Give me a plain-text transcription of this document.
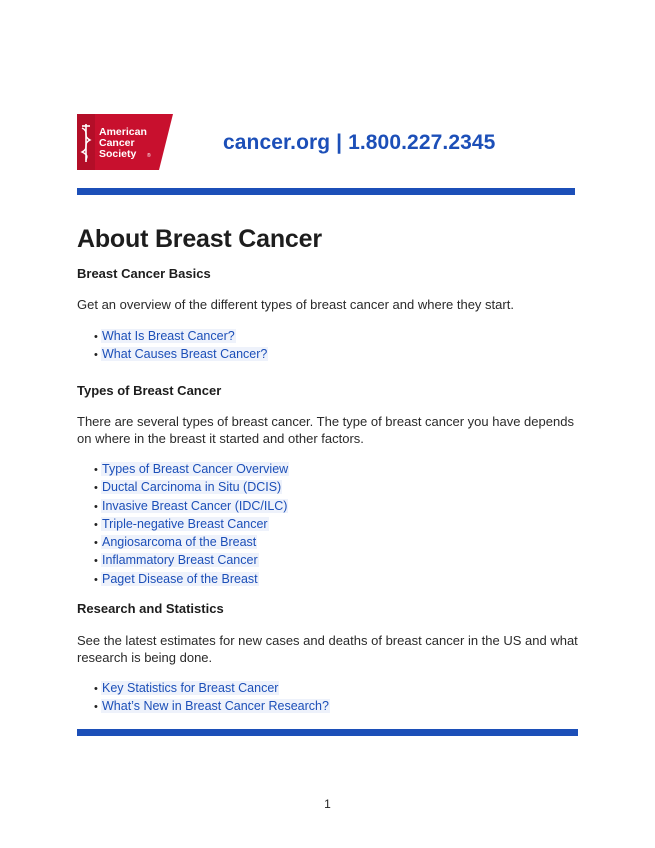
American
Cancer
Society ®
cancer.org | 1.800.227.2345
About Breast Cancer
Breast Cancer Basics

Get an overview of the different types of breast cancer and where they start.

• What Is Breast Cancer?
• What Causes Breast Cancer?
Types of Breast Cancer

There are several types of breast cancer. The type of breast cancer you have depends on where in the breast it started and other factors.

• Types of Breast Cancer Overview
• Ductal Carcinoma in Situ (DCIS)
• Invasive Breast Cancer (IDC/ILC)
• Triple-negative Breast Cancer
• Angiosarcoma of the Breast
• Inflammatory Breast Cancer
• Paget Disease of the Breast
Research and Statistics

See the latest estimates for new cases and deaths of breast cancer in the US and what research is being done.

• Key Statistics for Breast Cancer
• What’s New in Breast Cancer Research?
1
